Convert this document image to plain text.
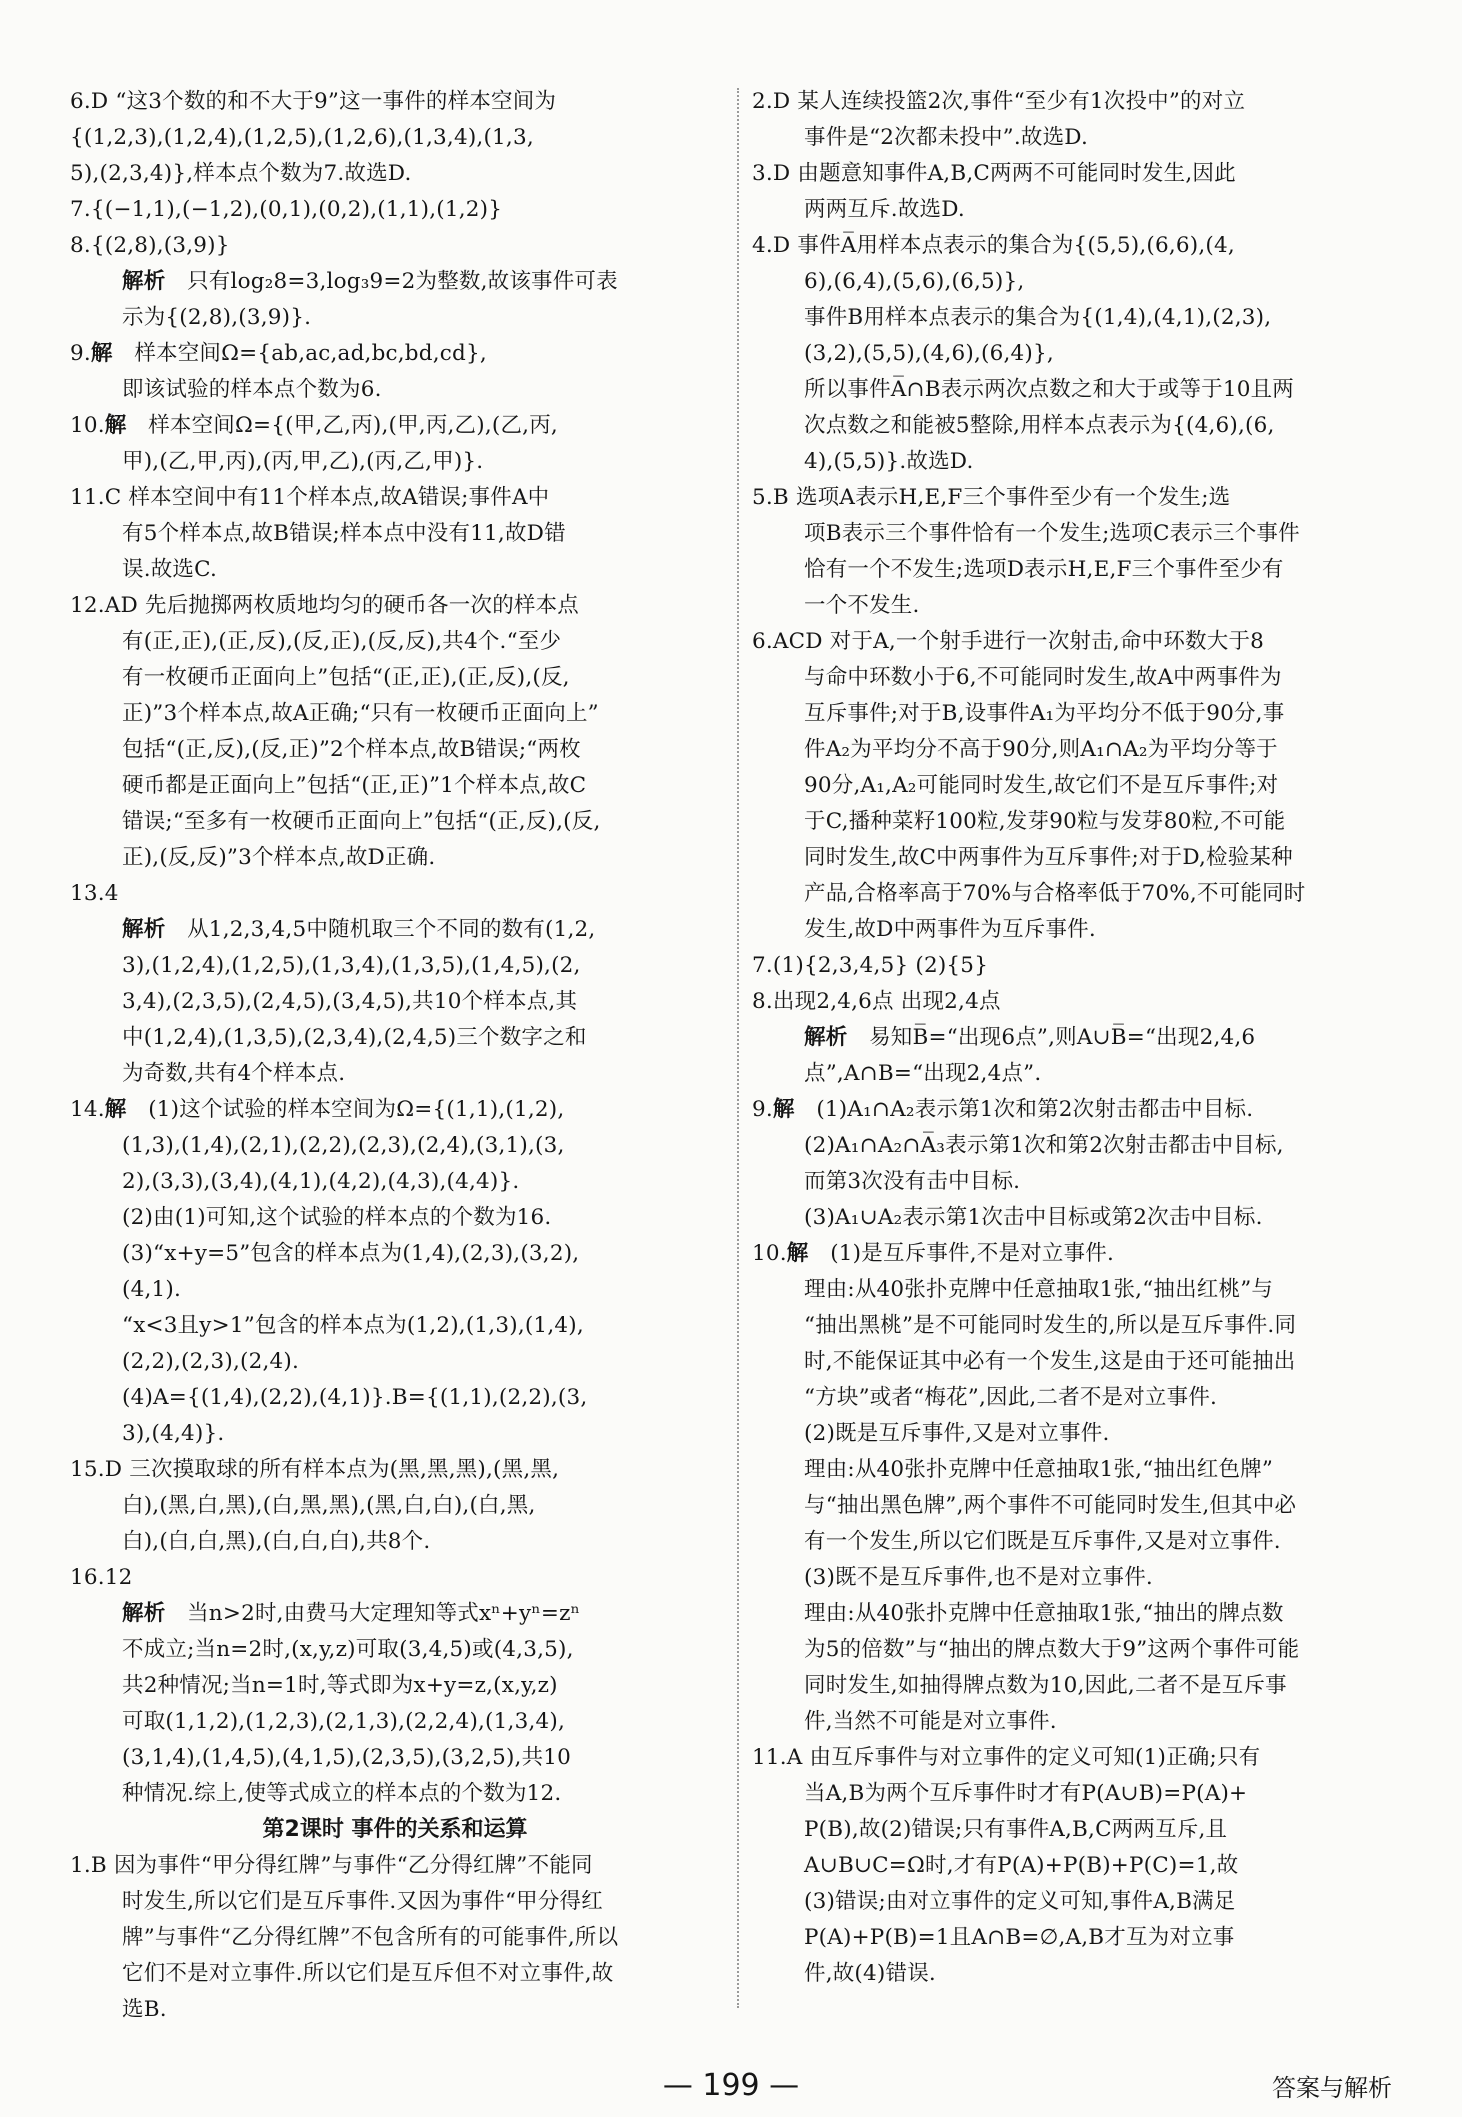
6.D “这3个数的和不大于9”这一事件的样本空间为
{(1,2,3),(1,2,4),(1,2,5),(1,2,6),(1,3,4),(1,3,
5),(2,3,4)},样本点个数为7.故选D.
7.{(−1,1),(−1,2),(0,1),(0,2),(1,1),(1,2)}
8.{(2,8),(3,9)}
解析  只有log₂8=3,log₃9=2为整数,故该事件可表
示为{(2,8),(3,9)}.
9.解  样本空间Ω={ab,ac,ad,bc,bd,cd},
即该试验的样本点个数为6.
10.解  样本空间Ω={(甲,乙,丙),(甲,丙,乙),(乙,丙,
甲),(乙,甲,丙),(丙,甲,乙),(丙,乙,甲)}.
11.C 样本空间中有11个样本点,故A错误;事件A中
有5个样本点,故B错误;样本点中没有11,故D错
误.故选C.
12.AD 先后抛掷两枚质地均匀的硬币各一次的样本点
有(正,正),(正,反),(反,正),(反,反),共4个.“至少
有一枚硬币正面向上”包括“(正,正),(正,反),(反,
正)”3个样本点,故A正确;“只有一枚硬币正面向上”
包括“(正,反),(反,正)”2个样本点,故B错误;“两枚
硬币都是正面向上”包括“(正,正)”1个样本点,故C
错误;“至多有一枚硬币正面向上”包括“(正,反),(反,
正),(反,反)”3个样本点,故D正确.
13.4
解析  从1,2,3,4,5中随机取三个不同的数有(1,2,
3),(1,2,4),(1,2,5),(1,3,4),(1,3,5),(1,4,5),(2,
3,4),(2,3,5),(2,4,5),(3,4,5),共10个样本点,其
中(1,2,4),(1,3,5),(2,3,4),(2,4,5)三个数字之和
为奇数,共有4个样本点.
14.解  (1)这个试验的样本空间为Ω={(1,1),(1,2),
(1,3),(1,4),(2,1),(2,2),(2,3),(2,4),(3,1),(3,
2),(3,3),(3,4),(4,1),(4,2),(4,3),(4,4)}.
(2)由(1)可知,这个试验的样本点的个数为16.
(3)“x+y=5”包含的样本点为(1,4),(2,3),(3,2),
(4,1).
“x<3且y>1”包含的样本点为(1,2),(1,3),(1,4),
(2,2),(2,3),(2,4).
(4)A={(1,4),(2,2),(4,1)}.B={(1,1),(2,2),(3,
3),(4,4)}.
15.D 三次摸取球的所有样本点为(黑,黑,黑),(黑,黑,
白),(黑,白,黑),(白,黑,黑),(黑,白,白),(白,黑,
白),(白,白,黑),(白,白,白),共8个.
16.12
解析  当n>2时,由费马大定理知等式xⁿ+yⁿ=zⁿ
不成立;当n=2时,(x,y,z)可取(3,4,5)或(4,3,5),
共2种情况;当n=1时,等式即为x+y=z,(x,y,z)
可取(1,1,2),(1,2,3),(2,1,3),(2,2,4),(1,3,4),
(3,1,4),(1,4,5),(4,1,5),(2,3,5),(3,2,5),共10
种情况.综上,使等式成立的样本点的个数为12.
第2课时 事件的关系和运算
1.B 因为事件“甲分得红牌”与事件“乙分得红牌”不能同
时发生,所以它们是互斥事件.又因为事件“甲分得红
牌”与事件“乙分得红牌”不包含所有的可能事件,所以
它们不是对立事件.所以它们是互斥但不对立事件,故
选B.
2.D 某人连续投篮2次,事件“至少有1次投中”的对立
事件是“2次都未投中”.故选D.
3.D 由题意知事件A,B,C两两不可能同时发生,因此
两两互斥.故选D.
4.D 事件A̅用样本点表示的集合为{(5,5),(6,6),(4,
6),(6,4),(5,6),(6,5)},
事件B用样本点表示的集合为{(1,4),(4,1),(2,3),
(3,2),(5,5),(4,6),(6,4)},
所以事件A̅∩B表示两次点数之和大于或等于10且两
次点数之和能被5整除,用样本点表示为{(4,6),(6,
4),(5,5)}.故选D.
5.B 选项A表示H,E,F三个事件至少有一个发生;选
项B表示三个事件恰有一个发生;选项C表示三个事件
恰有一个不发生;选项D表示H,E,F三个事件至少有
一个不发生.
6.ACD 对于A,一个射手进行一次射击,命中环数大于8
与命中环数小于6,不可能同时发生,故A中两事件为
互斥事件;对于B,设事件A₁为平均分不低于90分,事
件A₂为平均分不高于90分,则A₁∩A₂为平均分等于
90分,A₁,A₂可能同时发生,故它们不是互斥事件;对
于C,播种菜籽100粒,发芽90粒与发芽80粒,不可能
同时发生,故C中两事件为互斥事件;对于D,检验某种
产品,合格率高于70%与合格率低于70%,不可能同时
发生,故D中两事件为互斥事件.
7.(1){2,3,4,5} (2){5}
8.出现2,4,6点 出现2,4点
解析  易知B̅=“出现6点”,则A∪B̅=“出现2,4,6
点”,A∩B=“出现2,4点”.
9.解  (1)A₁∩A₂表示第1次和第2次射击都击中目标.
(2)A₁∩A₂∩A̅₃表示第1次和第2次射击都击中目标,
而第3次没有击中目标.
(3)A₁∪A₂表示第1次击中目标或第2次击中目标.
10.解  (1)是互斥事件,不是对立事件.
理由:从40张扑克牌中任意抽取1张,“抽出红桃”与
“抽出黑桃”是不可能同时发生的,所以是互斥事件.同
时,不能保证其中必有一个发生,这是由于还可能抽出
“方块”或者“梅花”,因此,二者不是对立事件.
(2)既是互斥事件,又是对立事件.
理由:从40张扑克牌中任意抽取1张,“抽出红色牌”
与“抽出黑色牌”,两个事件不可能同时发生,但其中必
有一个发生,所以它们既是互斥事件,又是对立事件.
(3)既不是互斥事件,也不是对立事件.
理由:从40张扑克牌中任意抽取1张,“抽出的牌点数
为5的倍数”与“抽出的牌点数大于9”这两个事件可能
同时发生,如抽得牌点数为10,因此,二者不是互斥事
件,当然不可能是对立事件.
11.A 由互斥事件与对立事件的定义可知(1)正确;只有
当A,B为两个互斥事件时才有P(A∪B)=P(A)+
P(B),故(2)错误;只有事件A,B,C两两互斥,且
A∪B∪C=Ω时,才有P(A)+P(B)+P(C)=1,故
(3)错误;由对立事件的定义可知,事件A,B满足
P(A)+P(B)=1且A∩B=∅,A,B才互为对立事
件,故(4)错误.
— 199 —	答案与解析
